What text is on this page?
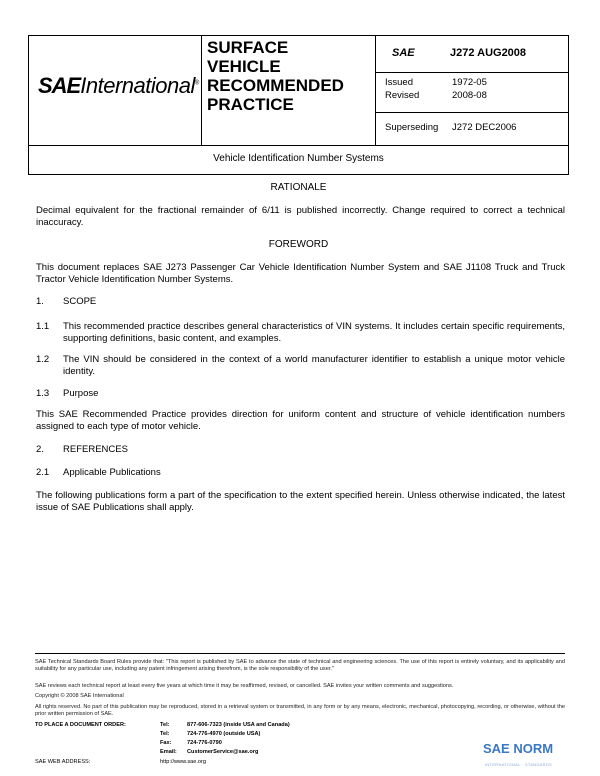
SAEInternational®
SURFACE
VEHICLE
RECOMMENDED
PRACTICE
SAE	J272 AUG2008
Issued	1972-05
Revised	2008-08
Superseding J272 DEC2006
Vehicle Identification Number Systems
RATIONALE
Decimal equivalent for the fractional remainder of 6/11 is published incorrectly. Change required to correct a technical inaccuracy.
FOREWORD
This document replaces SAE J273 Passenger Car Vehicle Identification Number System and SAE J1108 Truck and Truck Tractor Vehicle Identification Number Systems.
1. SCOPE
1.1 This recommended practice describes general characteristics of VIN systems. It includes certain specific requirements, supporting definitions, basic content, and examples.
1.2 The VIN should be considered in the context of a world manufacturer identifier to establish a unique motor vehicle identity.
1.3 Purpose
This SAE Recommended Practice provides direction for uniform content and structure of vehicle identification numbers assigned to each type of motor vehicle.
2. REFERENCES
2.1 Applicable Publications
The following publications form a part of the specification to the extent specified herein. Unless otherwise indicated, the latest issue of SAE Publications shall apply.
SAE Technical Standards Board Rules provide that: "This report is published by SAE to advance the state of technical and engineering sciences. The use of this report is entirely voluntary, and its applicability and suitability for any particular use, including any patent infringement arising therefrom, is the sole responsibility of the user."
SAE reviews each technical report at least every five years at which time it may be reaffirmed, revised, or cancelled. SAE invites your written comments and suggestions.
Copyright © 2008 SAE International
All rights reserved. No part of this publication may be reproduced, stored in a retrieval system or transmitted, in any form or by any means, electronic, mechanical, photocopying, recording, or otherwise, without the prior written permission of SAE.
TO PLACE A DOCUMENT ORDER:	Tel:	877-606-7323 (inside USA and Canada)
Tel:	724-776-4970 (outside USA)
Fax:	724-776-0790
Email: CustomerService@sae.org
SAE WEB ADDRESS:	http://www.sae.org
SAE NORM
INTERNATIONAL · STANDARDS
